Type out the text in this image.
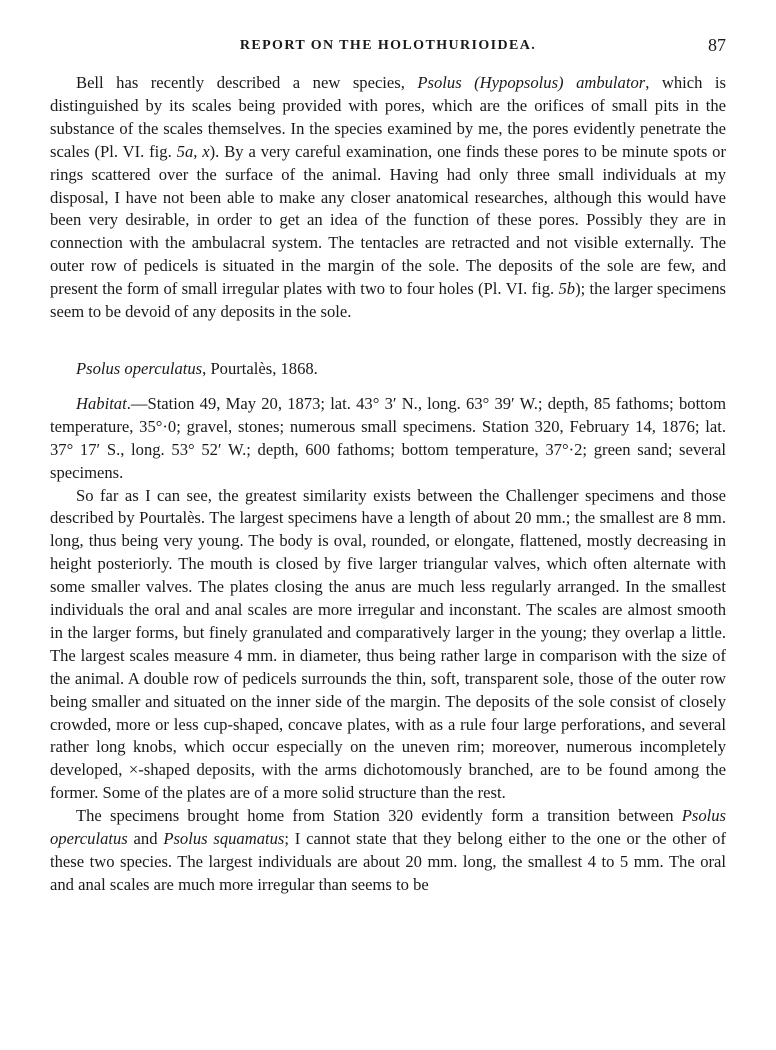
REPORT ON THE HOLOTHURIOIDEA.	87

Bell has recently described a new species, Psolus (Hypopsolus) ambulator, which is distinguished by its scales being provided with pores, which are the orifices of small pits in the substance of the scales themselves. In the species examined by me, the pores evidently penetrate the scales (Pl. VI. fig. 5a, x). By a very careful examination, one finds these pores to be minute spots or rings scattered over the surface of the animal. Having had only three small individuals at my disposal, I have not been able to make any closer anatomical researches, although this would have been very desirable, in order to get an idea of the function of these pores. Possibly they are in connection with the ambulacral system. The tentacles are retracted and not visible externally. The outer row of pedicels is situated in the margin of the sole. The deposits of the sole are few, and present the form of small irregular plates with two to four holes (Pl. VI. fig. 5b); the larger specimens seem to be devoid of any deposits in the sole.

Psolus operculatus, Pourtalès, 1868.

Habitat.—Station 49, May 20, 1873; lat. 43° 3′ N., long. 63° 39′ W.; depth, 85 fathoms; bottom temperature, 35°·0; gravel, stones; numerous small specimens. Station 320, February 14, 1876; lat. 37° 17′ S., long. 53° 52′ W.; depth, 600 fathoms; bottom temperature, 37°·2; green sand; several specimens.

So far as I can see, the greatest similarity exists between the Challenger specimens and those described by Pourtalès. The largest specimens have a length of about 20 mm.; the smallest are 8 mm. long, thus being very young. The body is oval, rounded, or elongate, flattened, mostly decreasing in height posteriorly. The mouth is closed by five larger triangular valves, which often alternate with some smaller valves. The plates closing the anus are much less regularly arranged. In the smallest individuals the oral and anal scales are more irregular and inconstant. The scales are almost smooth in the larger forms, but finely granulated and comparatively larger in the young; they overlap a little. The largest scales measure 4 mm. in diameter, thus being rather large in comparison with the size of the animal. A double row of pedicels surrounds the thin, soft, transparent sole, those of the outer row being smaller and situated on the inner side of the margin. The deposits of the sole consist of closely crowded, more or less cup-shaped, concave plates, with as a rule four large perforations, and several rather long knobs, which occur especially on the uneven rim; moreover, numerous incompletely developed, ×-shaped deposits, with the arms dichotomously branched, are to be found among the former. Some of the plates are of a more solid structure than the rest.

The specimens brought home from Station 320 evidently form a transition between Psolus operculatus and Psolus squamatus; I cannot state that they belong either to the one or the other of these two species. The largest individuals are about 20 mm. long, the smallest 4 to 5 mm. The oral and anal scales are much more irregular than seems to be
